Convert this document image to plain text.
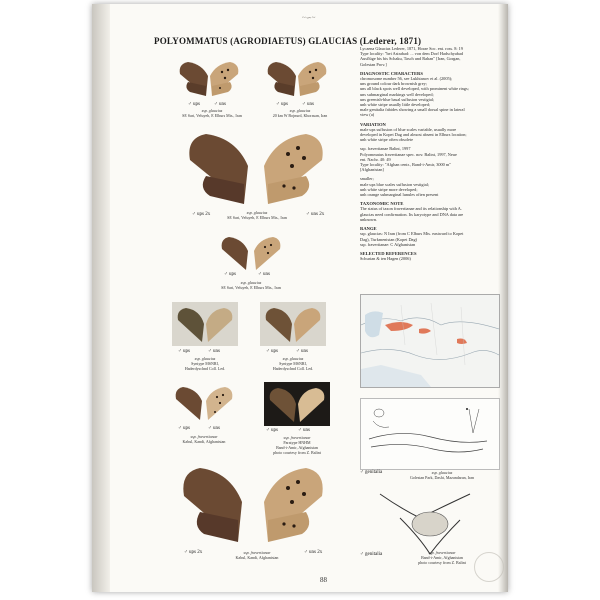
~∽~
POLYOMMATUS (AGRODIAETUS) GLAUCIAS (Lederer, 1871)
♂ ups	♂ uns
ssp. glaucias
SE Sari, Veluyeh, E Elburs Mts., Iran
♂ ups	♂ uns
ssp. glaucias
20 km W Bojnurd, Khorasan, Iran
♂ ups 2x	♂ uns 2x
ssp. glaucias
SE Sari, Veluyeh, E Elburs Mts., Iran
♂ ups	♂ uns
ssp. glaucias
SE Sari, Veluyeh, E Elburs Mts., Iran
♂ ups	♂ uns
ssp. glaucias
Syntype MSNRI,
Haderdyschnd Coll. Led.
♂ ups	♂ uns
ssp. glaucias
Syntype MSNRI,
Haderdyschnd Coll. Led.
♂ ups	♂ uns
ssp. fravertianae
Kabul, Kandi, Afghanistan
♂ ups	♂ uns
ssp. fravertianae
Paratype HNHM
Band-i-Amir, Afghanistan
photo courtesy from Z. Balint
♂ ups 2x	♂ uns 2x
ssp. fravertianae
Kabul, Kandi, Afghanistan

Lycaena Glaucias Lederer, 1871, Horae Soc. ent. ross. 8: 19

Type locality: "bei Astrabad: ... von dem Dorf Hadschyabad

Ausflüge bis bis Schaku, Tasch und Rahan" [Iran, Gorgan,

Golestan Prov.]

DIAGNOSTIC CHARACTERS

chromosome number 56, see Lukhtanov et al. (2005);

uns ground colour dark brownish grey;

uns all black spots well developed, with prominent white rings;

uns submarginal markings well developed;

uns greenish-blue basal suffusion vestigial;

unh white stripe usually little developed;

male genitalia fabides showing a small dorsal spine in lateral

view (a)

VARIATION

male ups suffusion of blue scales variable, usually more

developed in Kopet Dag and almost absent in Elburs location;

unh white stripe often obsolete

ssp. fravertianae Balint, 1997

Polyommatus fravertianae spec. nov. Balint, 1997, Neue

ent. Nachr. 40: 49

Type locality: "Afghan centr., Band-i-Amir, 3000 m"

[Afghanistan]

smaller;

male ups blue scales suffusion vestigial;

unh white stripe more developed;

unh orange submarginal lunules often present

TAXONOMIC NOTE

The status of taxon fravertianae and its relationship with A.

glaucias need confirmation. Its karyotype and DNA data are

unknown.

RANGE

ssp. glaucias: N Iran (from C Elburs Mts. eastward to Kopet

Dag), Turkmenistan (Kopet Dag)

ssp. fravertianae: C Afghanistan

SELECTED REFERENCES

Schurian & ten Hagen (2006)

♂ genitalia	ssp. glaucias
Golestan Park, Dasht, Mazandaran, Iran
♂ genitalia	ssp. fravertianae
Band-i-Amir, Afghanistan
photo courtesy from Z. Balint
88
